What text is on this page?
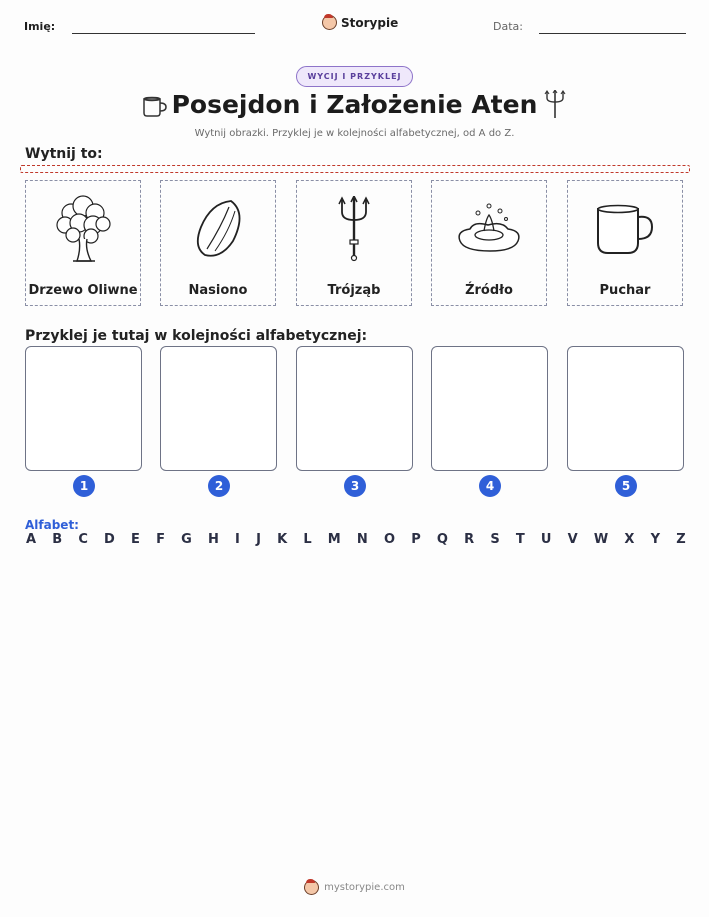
Imię:	Storypie	Data:
WYCIJ I PRZYKLEJ
Posejdon i Założenie Aten
Wytnij obrazki. Przyklej je w kolejności alfabetycznej, od A do Z.
Wytnij to:
Drzewo Oliwne	Nasiono	Trójząb	Źródło	Puchar
Przyklej je tutaj w kolejności alfabetycznej:
1	2	3	4	5
Alfabet:
A B C D E F G H I J K L M N O P Q R S T U V W X Y Z
mystorypie.com
